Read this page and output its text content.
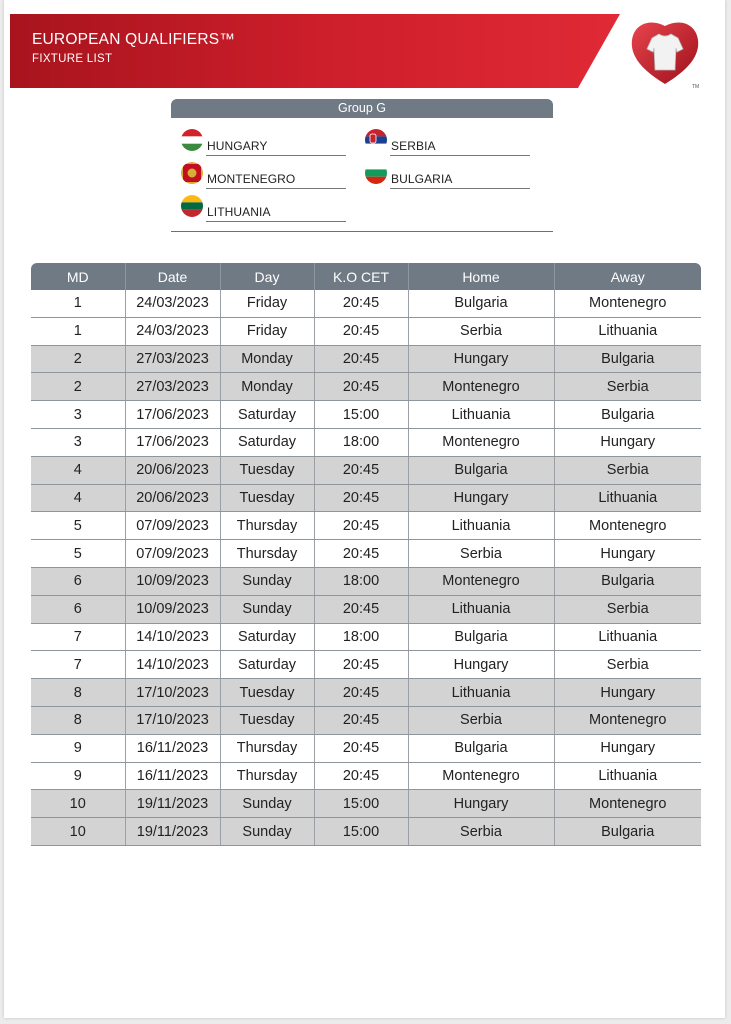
EUROPEAN QUALIFIERS™
FIXTURE LIST
TM
Group G
HUNGARY	SERBIA
MONTENEGRO	BULGARIA
LITHUANIA
MD	Date	Day	K.O CET	Home	Away
1	24/03/2023	Friday	20:45	Bulgaria	Montenegro
1	24/03/2023	Friday	20:45	Serbia	Lithuania
2	27/03/2023	Monday	20:45	Hungary	Bulgaria
2	27/03/2023	Monday	20:45	Montenegro	Serbia
3	17/06/2023	Saturday	15:00	Lithuania	Bulgaria
3	17/06/2023	Saturday	18:00	Montenegro	Hungary
4	20/06/2023	Tuesday	20:45	Bulgaria	Serbia
4	20/06/2023	Tuesday	20:45	Hungary	Lithuania
5	07/09/2023	Thursday	20:45	Lithuania	Montenegro
5	07/09/2023	Thursday	20:45	Serbia	Hungary
6	10/09/2023	Sunday	18:00	Montenegro	Bulgaria
6	10/09/2023	Sunday	20:45	Lithuania	Serbia
7	14/10/2023	Saturday	18:00	Bulgaria	Lithuania
7	14/10/2023	Saturday	20:45	Hungary	Serbia
8	17/10/2023	Tuesday	20:45	Lithuania	Hungary
8	17/10/2023	Tuesday	20:45	Serbia	Montenegro
9	16/11/2023	Thursday	20:45	Bulgaria	Hungary
9	16/11/2023	Thursday	20:45	Montenegro	Lithuania
10	19/11/2023	Sunday	15:00	Hungary	Montenegro
10	19/11/2023	Sunday	15:00	Serbia	Bulgaria
